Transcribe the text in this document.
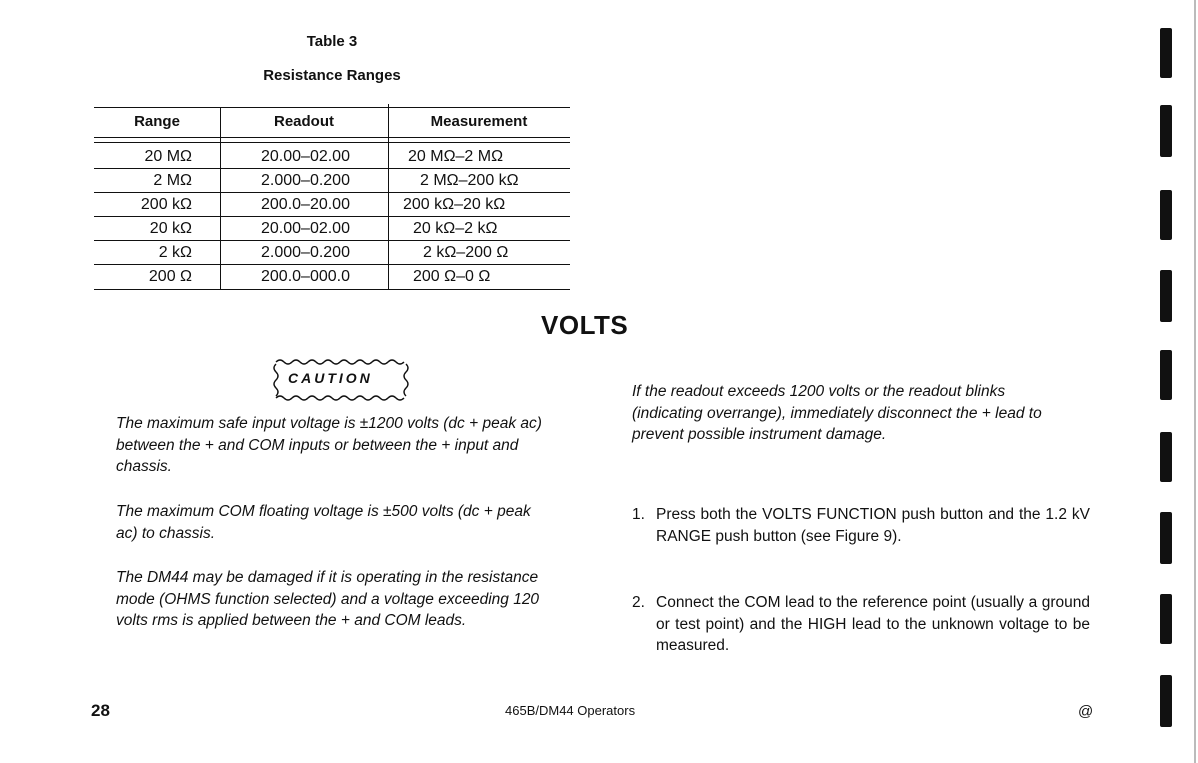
Table 3
Resistance Ranges
Range	Readout	Measurement
20 MΩ	20.00–02.00	20 MΩ–2 MΩ
2 MΩ	2.000–0.200	2 MΩ–200 kΩ
200 kΩ	200.0–20.00	200 kΩ–20 kΩ
20 kΩ	20.00–02.00	20 kΩ–2 kΩ
2 kΩ	2.000–0.200	2 kΩ–200 Ω
200 Ω	200.0–000.0	200 Ω–0 Ω
VOLTS
CAUTION
The maximum safe input voltage is ±1200 volts (dc + peak ac) between the + and COM inputs or between the + input and chassis.
The maximum COM floating voltage is ±500 volts (dc + peak ac) to chassis.
The DM44 may be damaged if it is operating in the resistance mode (OHMS function selected) and a voltage exceeding 120 volts rms is applied between the + and COM leads.
If the readout exceeds 1200 volts or the readout blinks (indicating overrange), immediately disconnect the + lead to prevent possible instrument damage.
1. Press both the VOLTS FUNCTION push button and the 1.2 kV RANGE push button (see Figure 9).
2. Connect the COM lead to the reference point (usually a ground or test point) and the HIGH lead to the unknown voltage to be measured.
28	465B/DM44 Operators	@
